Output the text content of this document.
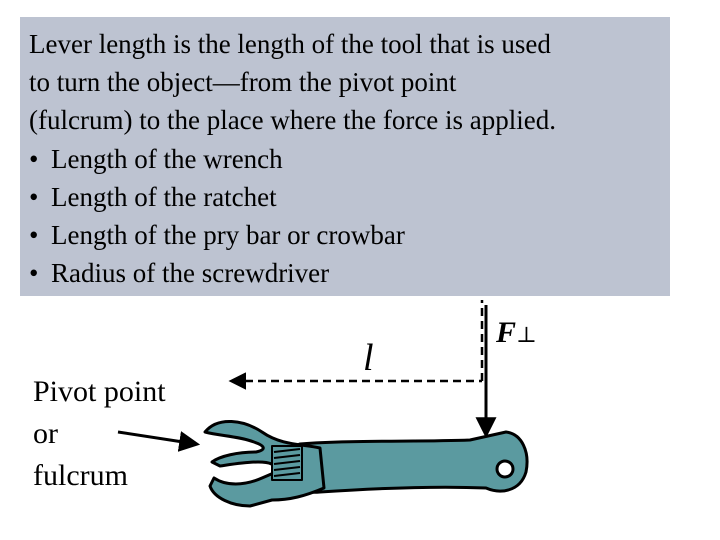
Lever length is the length of the tool that is used
to turn the object—from the pivot point
(fulcrum) to the place where the force is applied.
• Length of the wrench
• Length of the ratchet
• Length of the pry bar or crowbar
• Radius of the screwdriver
Pivot point
or
fulcrum
l
F⊥
